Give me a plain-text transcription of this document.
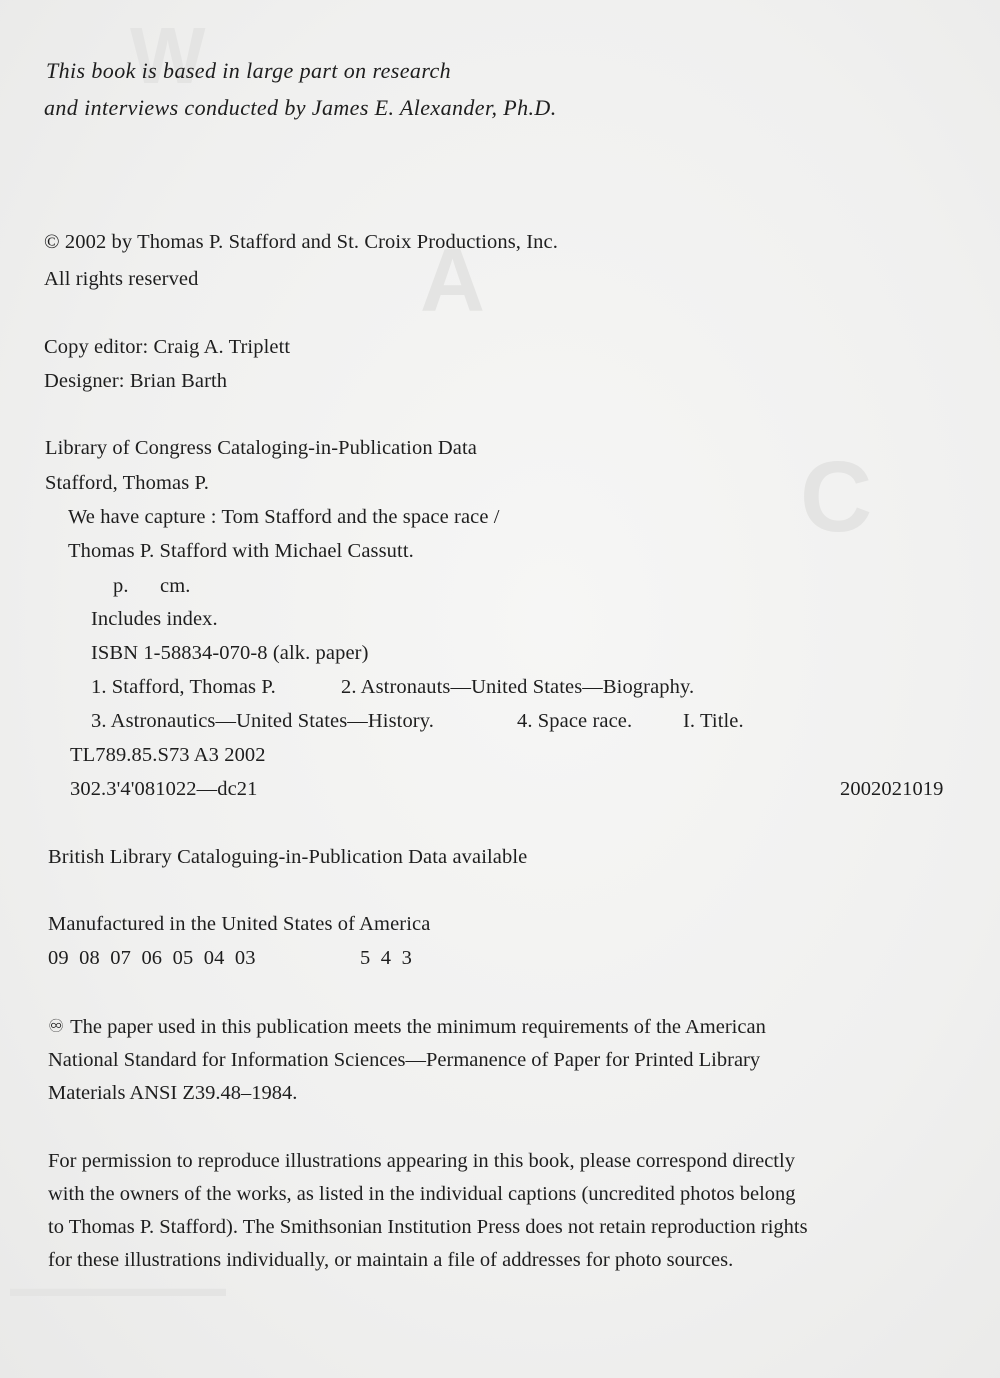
W
A
C
▬▬▬▬▬▬▬▬▬
This book is based in large part on research
and interviews conducted by James E. Alexander, Ph.D.
© 2002 by Thomas P. Stafford and St. Croix Productions, Inc.
All rights reserved
Copy editor: Craig A. Triplett
Designer: Brian Barth
Library of Congress Cataloging-in-Publication Data
Stafford, Thomas P.
We have capture : Tom Stafford and the space race /
Thomas P. Stafford with Michael Cassutt.
p. cm.
Includes index.
ISBN 1-58834-070-8 (alk. paper)
1. Stafford, Thomas P.	2. Astronauts—United States—Biography.
3. Astronautics—United States—History.	4. Space race. I. Title.
TL789.85.S73 A3 2002
302.3'4'081022—dc21	2002021019
British Library Cataloguing-in-Publication Data available
Manufactured in the United States of America
09  08  07  06  05  04  03	5  4  3
♾ The paper used in this publication meets the minimum requirements of the American
National Standard for Information Sciences—Permanence of Paper for Printed Library
Materials ANSI Z39.48–1984.
For permission to reproduce illustrations appearing in this book, please correspond directly
with the owners of the works, as listed in the individual captions (uncredited photos belong
to Thomas P. Stafford). The Smithsonian Institution Press does not retain reproduction rights
for these illustrations individually, or maintain a file of addresses for photo sources.
